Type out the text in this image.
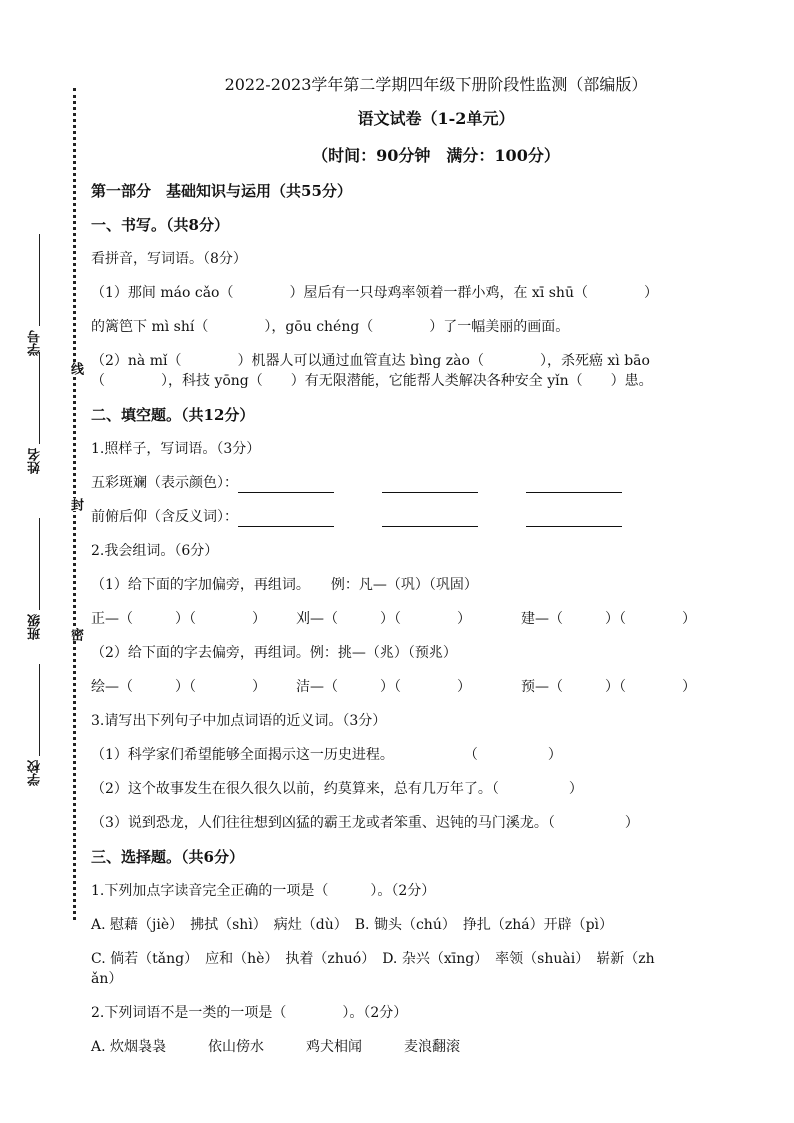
线
封
密
学号
姓名
班级
学校
2022-2023学年第二学期四年级下册阶段性监测（部编版）
语文试卷（1-2单元）
（时间：90分钟　满分：100分）
第一部分　基础知识与运用（共55分）
一、书写。（共8分）
看拼音，写词语。（8分）
（1）那间 máo cǎo（　　　　）屋后有一只母鸡率领着一群小鸡，在 xī shū（　　　　）
的篱笆下 mì shí（　　　　），gōu chéng（　　　　）了一幅美丽的画面。
（2）nà mǐ（　　　　）机器人可以通过血管直达 bìng zào（　　　　），杀死癌 xì bāo
（　　　　），科技 yōng（　　）有无限潜能，它能帮人类解决各种安全 yǐn（　　）患。
二、填空题。（共12分）
1.照样子，写词语。（3分）
五彩斑斓（表示颜色）：
前俯后仰（含反义词）：
2.我会组词。（6分）
（1）给下面的字加偏旁，再组词。　　例：凡—（巩）（巩固）
正—（　　　）（　　　　）	刈—（　　　）（　　　　）	建—（　　　）（　　　　）
（2）给下面的字去偏旁，再组词。例：挑—（兆）（预兆）
绘—（　　　）（　　　　）	洁—（　　　）（　　　　）	预—（　　　）（　　　　）
3.请写出下列句子中加点词语的近义词。（3分）
（1）科学家们希望能够全面揭示这一历史进程。　　　　　　（　　　　　）
（2）这个故事发生在很久很久以前，约莫算来，总有几万年了。（　　　　　）
（3）说到恐龙，人们往往想到凶猛的霸王龙或者笨重、迟钝的马门溪龙。（　　　　　）
三、选择题。（共6分）
1.下列加点字读音完全正确的一项是（　　　）。（2分）
A. 慰藉（jiè）　拂拭（shì）　病灶（dù）　B. 锄头（chú）　挣扎（zhá）开辟（pì）
C. 倘若（tǎng）　应和（hè）　执着（zhuó）　D. 杂兴（xīng）　率领（shuài）　崭新（zh
ǎn）
2.下列词语不是一类的一项是（　　　　）。（2分）
A. 炊烟袅袅　　　依山傍水　　　鸡犬相闻　　　麦浪翻滚
